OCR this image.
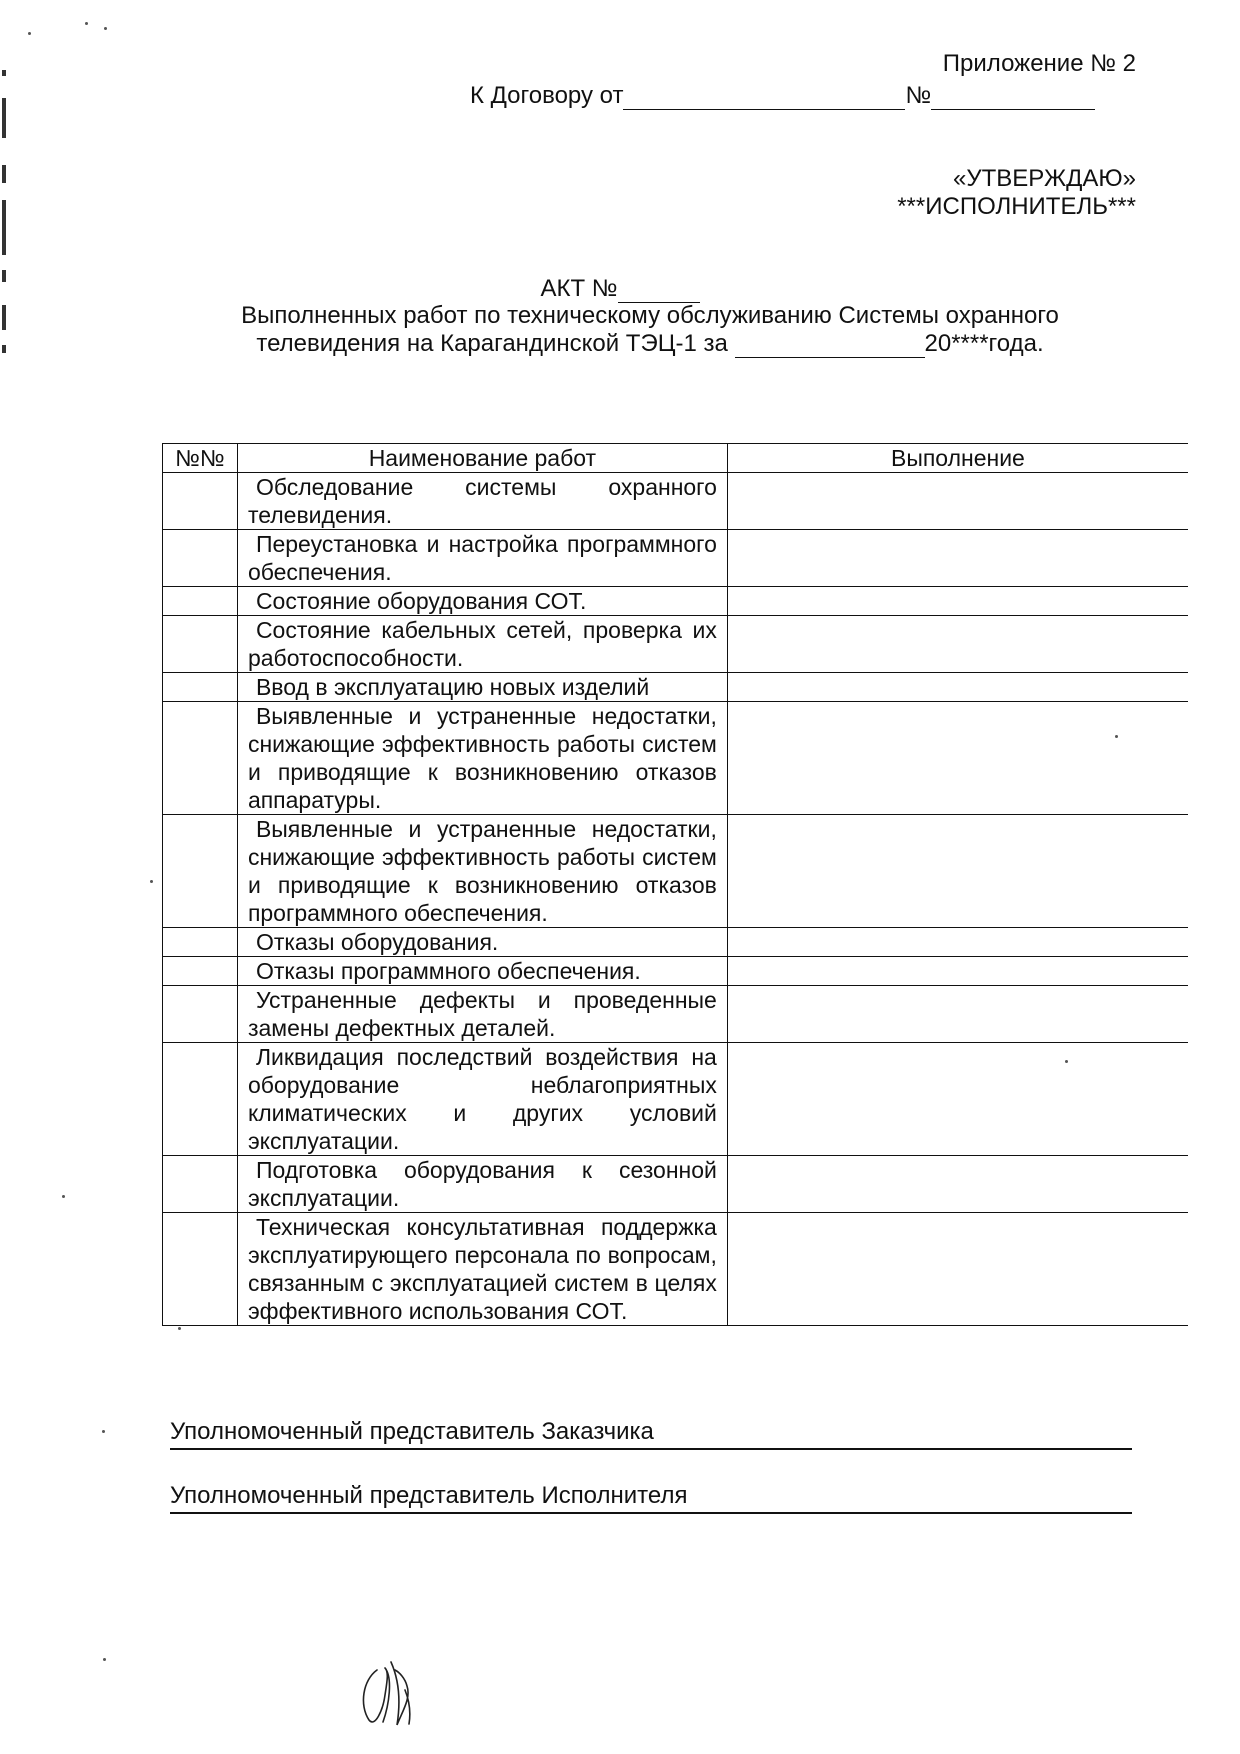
Приложение № 2
К Договору от	№
«УТВЕРЖДАЮ»
***ИСПОЛНИТЕЛЬ***
АКТ №
Выполненных работ по техническому обслуживанию Системы охранного
телевидения на Карагандинской ТЭЦ-1 за	20****года.
№№	Наименование работ	Выполнение

	Обследование системы охранного телевидения.	

	Переустановка и настройка программного обеспечения.	

	Состояние оборудования СОТ.	

	Состояние кабельных сетей, проверка их работоспособности.	

	Ввод в эксплуатацию новых изделий	

	Выявленные и устраненные недостатки, снижающие эффективность работы систем и приводящие к возникновению отказов аппаратуры.	

	Выявленные и устраненные недостатки, снижающие эффективность работы систем и приводящие к возникновению отказов программного обеспечения.	

	Отказы оборудования.	

	Отказы программного обеспечения.	

	Устраненные дефекты и проведенные замены дефектных деталей.	

	Ликвидация последствий воздействия на оборудование неблагоприятных климатических и других условий эксплуатации.	

	Подготовка оборудования к сезонной эксплуатации.	

	Техническая консультативная поддержка эксплуатирующего персонала по вопросам, связанным с эксплуатацией систем в целях эффективного использования СОТ.	

Уполномоченный представитель Заказчика
Уполномоченный представитель Исполнителя
